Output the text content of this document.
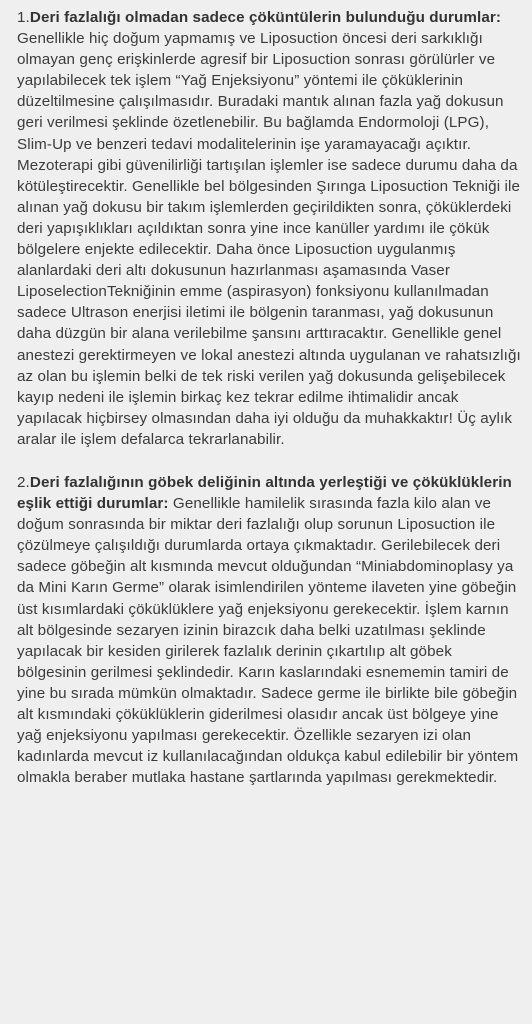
1.Deri fazlalığı olmadan sadece çöküntülerin bulunduğu durumlar: Genellikle hiç doğum yapmamış ve Liposuction öncesi deri sarkıklığı olmayan genç erişkinlerde agresif bir Liposuction sonrası görülürler ve yapılabilecek tek işlem “Yağ Enjeksiyonu” yöntemi ile çöküklerinin düzeltilmesine çalışılmasıdır. Buradaki mantık alınan fazla yağ dokusun geri verilmesi şeklinde özetlenebilir. Bu bağlamda Endormoloji (LPG), Slim-Up ve benzeri tedavi modalitelerinin işe yaramayacağı açıktır. Mezoterapi gibi güvenilirliği tartışılan işlemler ise sadece durumu daha da kötüleştirecektir. Genellikle bel bölgesinden Şırınga Liposuction Tekniği ile alınan yağ dokusu bir takım işlemlerden geçirildikten sonra, çöküklerdeki deri yapışıklıkları açıldıktan sonra yine ince kanüller yardımı ile çökük bölgelere enjekte edilecektir. Daha önce Liposuction uygulanmış alanlardaki deri altı dokusunun hazırlanması aşamasında Vaser LiposelectionTekniğinin emme (aspirasyon) fonksiyonu kullanılmadan sadece Ultrason enerjisi iletimi ile bölgenin taranması, yağ dokusunun daha düzgün bir alana verilebilme şansını arttıracaktır. Genellikle genel anestezi gerektirmeyen ve lokal anestezi altında uygulanan ve rahatsızlığı az olan bu işlemin belki de tek riski verilen yağ dokusunda gelişebilecek kayıp nedeni ile işlemin birkaç kez tekrar edilme ihtimalidir ancak yapılacak hiçbirsey olmasından daha iyi olduğu da muhakkaktır! Üç aylık aralar ile işlem defalarca tekrarlanabilir.

2.Deri fazlalığının göbek deliğinin altında yerleştiği ve çöküklüklerin eşlik ettiği durumlar: Genellikle hamilelik sırasında fazla kilo alan ve doğum sonrasında bir miktar deri fazlalığı olup sorunun Liposuction ile çözülmeye çalışıldığı durumlarda ortaya çıkmaktadır. Gerilebilecek deri sadece göbeğin alt kısmında mevcut olduğundan “Miniabdominoplasy ya da Mini Karın Germe” olarak isimlendirilen yönteme ilaveten yine göbeğin üst kısımlardaki çöküklüklere yağ enjeksiyonu gerekecektir. İşlem karnın alt bölgesinde sezaryen izinin birazcık daha belki uzatılması şeklinde yapılacak bir kesiden girilerek fazlalık derinin çıkartılıp alt göbek bölgesinin gerilmesi şeklindedir. Karın kaslarındaki esnememin tamiri de yine bu sırada mümkün olmaktadır. Sadece germe ile birlikte bile göbeğin alt kısmındaki çöküklüklerin giderilmesi olasıdır ancak üst bölgeye yine yağ enjeksiyonu yapılması gerekecektir. Özellikle sezaryen izi olan kadınlarda mevcut iz kullanılacağından oldukça kabul edilebilir bir yöntem olmakla beraber mutlaka hastane şartlarında yapılması gerekmektedir.
